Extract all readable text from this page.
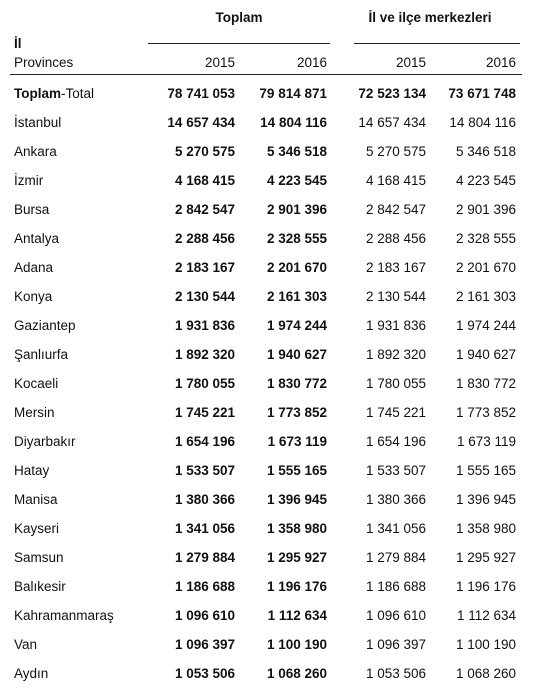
Toplam	İl ve ilçe merkezleri
İl
Provinces	2015	2016	2015	2016
Toplam-Total	78 741 053	79 814 871	72 523 134	73 671 748
İstanbul	14 657 434	14 804 116	14 657 434	14 804 116
Ankara	5 270 575	5 346 518	5 270 575	5 346 518
İzmir	4 168 415	4 223 545	4 168 415	4 223 545
Bursa	2 842 547	2 901 396	2 842 547	2 901 396
Antalya	2 288 456	2 328 555	2 288 456	2 328 555
Adana	2 183 167	2 201 670	2 183 167	2 201 670
Konya	2 130 544	2 161 303	2 130 544	2 161 303
Gaziantep	1 931 836	1 974 244	1 931 836	1 974 244
Şanlıurfa	1 892 320	1 940 627	1 892 320	1 940 627
Kocaeli	1 780 055	1 830 772	1 780 055	1 830 772
Mersin	1 745 221	1 773 852	1 745 221	1 773 852
Diyarbakır	1 654 196	1 673 119	1 654 196	1 673 119
Hatay	1 533 507	1 555 165	1 533 507	1 555 165
Manisa	1 380 366	1 396 945	1 380 366	1 396 945
Kayseri	1 341 056	1 358 980	1 341 056	1 358 980
Samsun	1 279 884	1 295 927	1 279 884	1 295 927
Balıkesir	1 186 688	1 196 176	1 186 688	1 196 176
Kahramanmaraş	1 096 610	1 112 634	1 096 610	1 112 634
Van	1 096 397	1 100 190	1 096 397	1 100 190
Aydın	1 053 506	1 068 260	1 053 506	1 068 260
